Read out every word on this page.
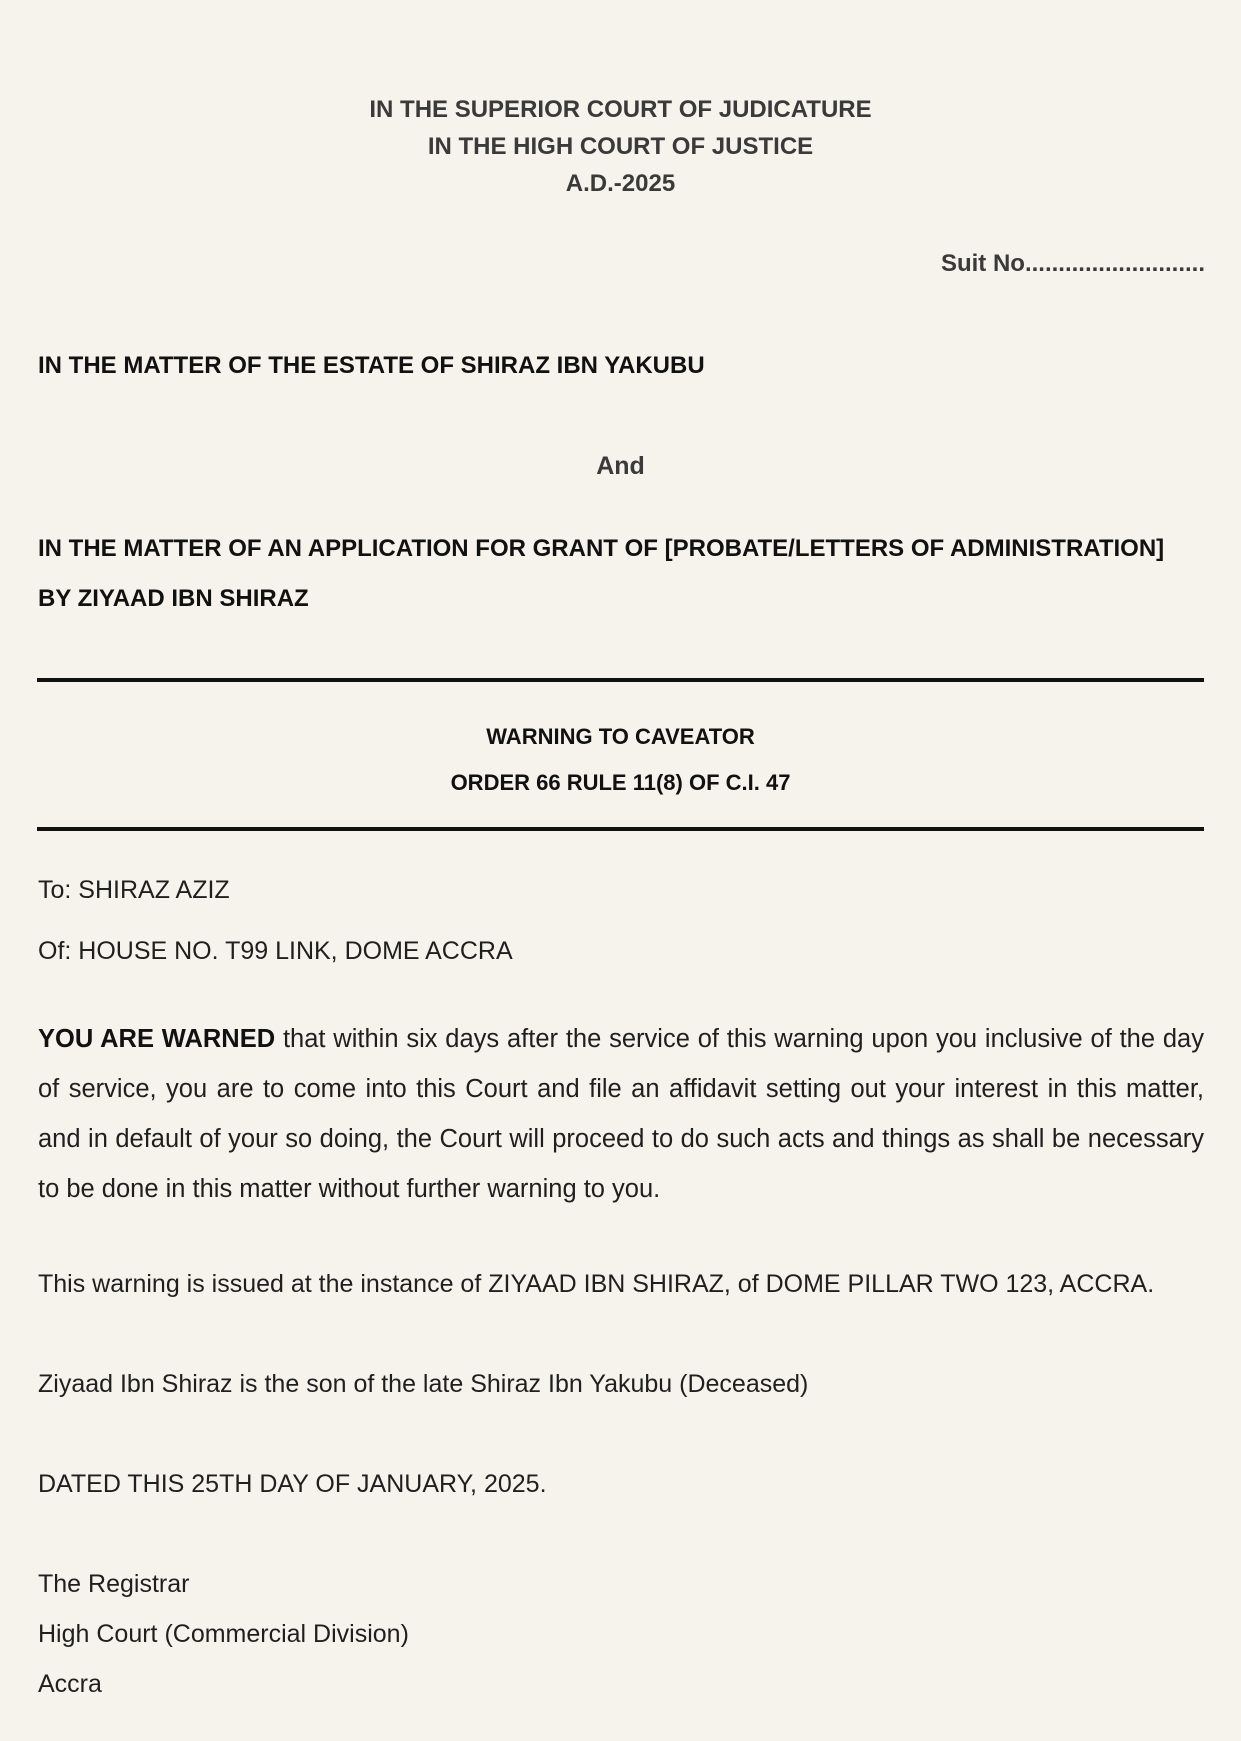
IN THE SUPERIOR COURT OF JUDICATURE
IN THE HIGH COURT OF JUSTICE
A.D.-2025
Suit No...........................
IN THE MATTER OF THE ESTATE OF SHIRAZ IBN YAKUBU
And
IN THE MATTER OF AN APPLICATION FOR GRANT OF [PROBATE/LETTERS OF ADMINISTRATION]
BY ZIYAAD IBN SHIRAZ
WARNING TO CAVEATOR
ORDER 66 RULE 11(8) OF C.I. 47
To: SHIRAZ AZIZ
Of: HOUSE NO. T99 LINK, DOME ACCRA
YOU ARE WARNED that within six days after the service of this warning upon you inclusive of the day of service, you are to come into this Court and file an affidavit setting out your interest in this matter, and in default of your so doing, the Court will proceed to do such acts and things as shall be necessary to be done in this matter without further warning to you.
This warning is issued at the instance of ZIYAAD IBN SHIRAZ, of DOME PILLAR TWO 123, ACCRA.
Ziyaad Ibn Shiraz is the son of the late Shiraz Ibn Yakubu (Deceased)
DATED THIS 25TH DAY OF JANUARY, 2025.
The Registrar
High Court (Commercial Division)
Accra
